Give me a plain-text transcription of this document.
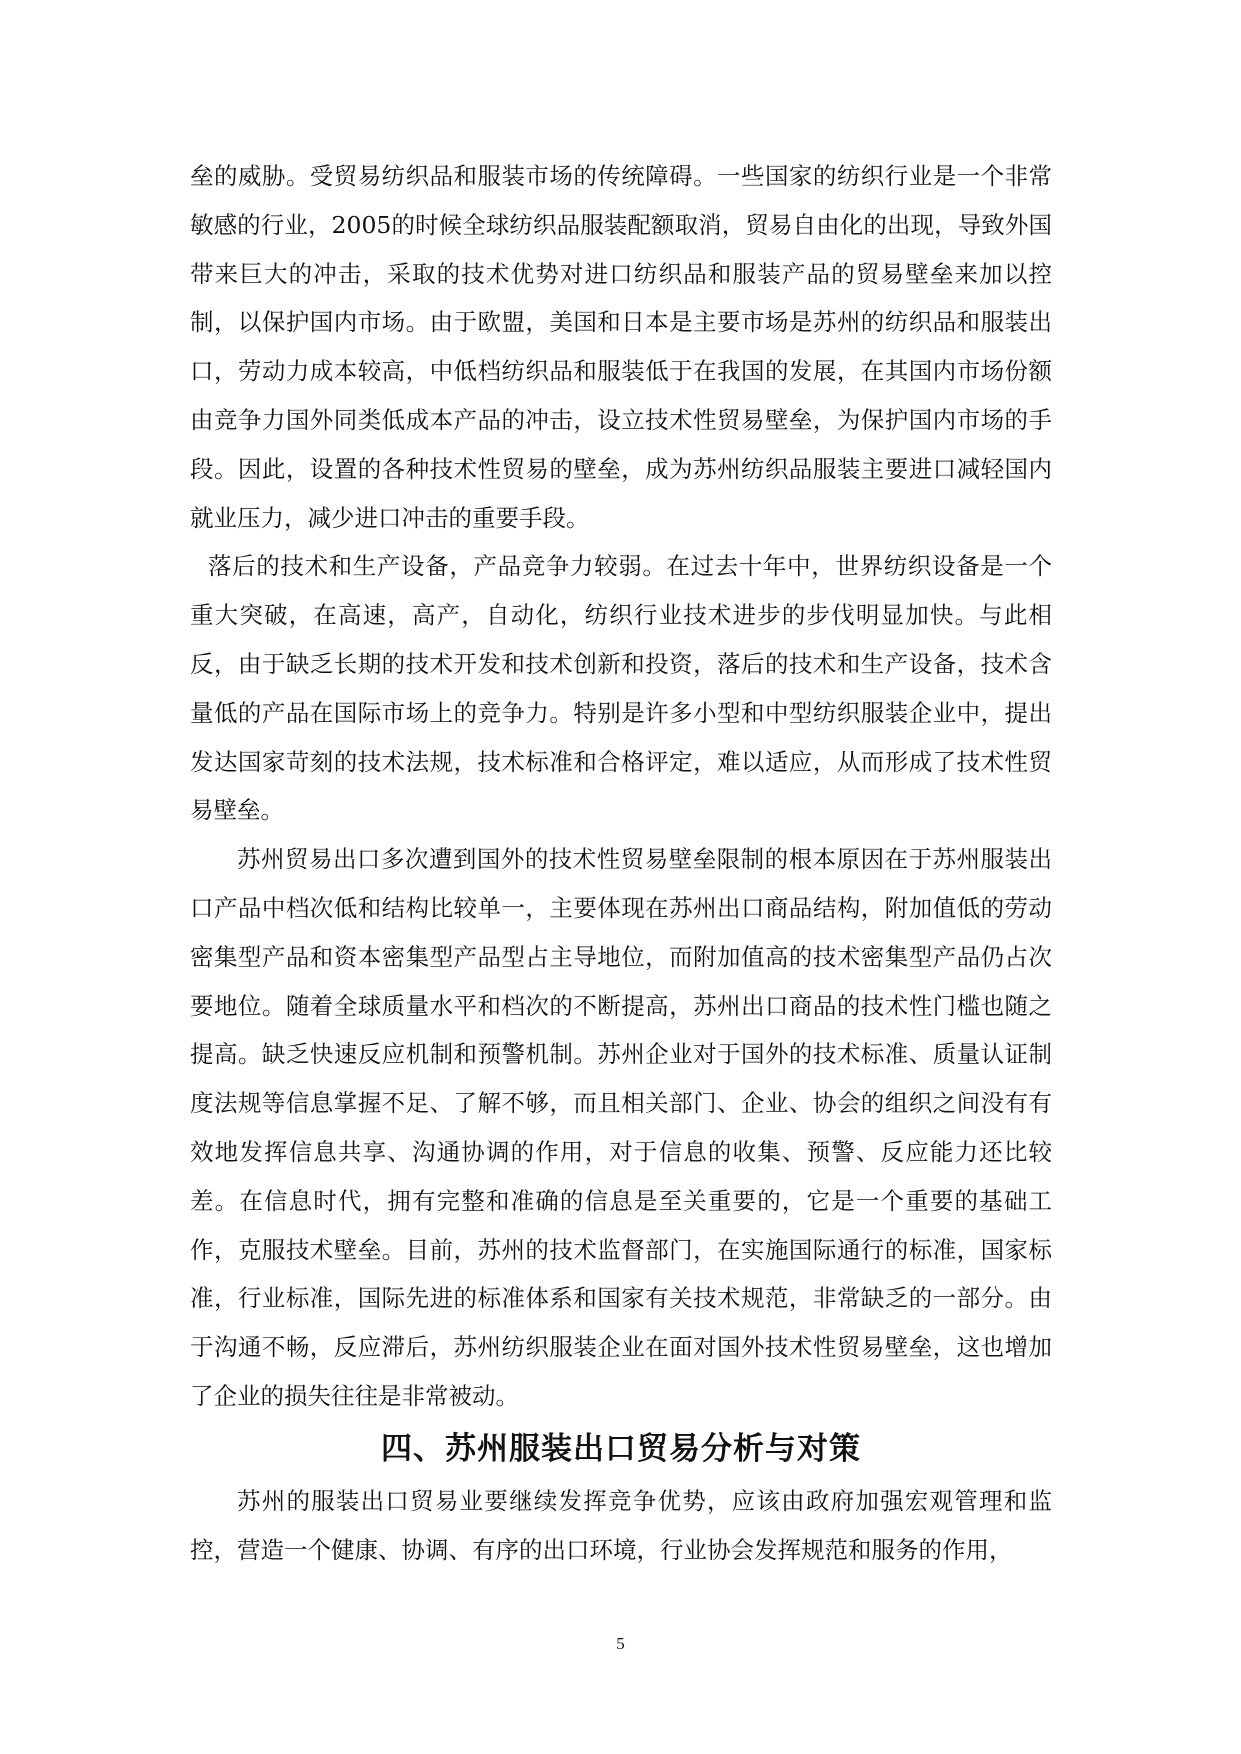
垒的威胁。受贸易纺织品和服装市场的传统障碍。一些国家的纺织行业是一个非常敏感的行业，2005的时候全球纺织品服装配额取消，贸易自由化的出现，导致外国带来巨大的冲击，采取的技术优势对进口纺织品和服装产品的贸易壁垒来加以控制，以保护国内市场。由于欧盟，美国和日本是主要市场是苏州的纺织品和服装出口，劳动力成本较高，中低档纺织品和服装低于在我国的发展，在其国内市场份额由竞争力国外同类低成本产品的冲击，设立技术性贸易壁垒，为保护国内市场的手段。因此，设置的各种技术性贸易的壁垒，成为苏州纺织品服装主要进口减轻国内就业压力，减少进口冲击的重要手段。

落后的技术和生产设备，产品竞争力较弱。在过去十年中，世界纺织设备是一个重大突破，在高速，高产，自动化，纺织行业技术进步的步伐明显加快。与此相反，由于缺乏长期的技术开发和技术创新和投资，落后的技术和生产设备，技术含量低的产品在国际市场上的竞争力。特别是许多小型和中型纺织服装企业中，提出发达国家苛刻的技术法规，技术标准和合格评定，难以适应，从而形成了技术性贸易壁垒。

苏州贸易出口多次遭到国外的技术性贸易壁垒限制的根本原因在于苏州服装出口产品中档次低和结构比较单一，主要体现在苏州出口商品结构，附加值低的劳动密集型产品和资本密集型产品型占主导地位，而附加值高的技术密集型产品仍占次要地位。随着全球质量水平和档次的不断提高，苏州出口商品的技术性门槛也随之提高。缺乏快速反应机制和预警机制。苏州企业对于国外的技术标准、质量认证制度法规等信息掌握不足、了解不够，而且相关部门、企业、协会的组织之间没有有效地发挥信息共享、沟通协调的作用，对于信息的收集、预警、反应能力还比较差。在信息时代，拥有完整和准确的信息是至关重要的，它是一个重要的基础工作，克服技术壁垒。目前，苏州的技术监督部门，在实施国际通行的标准，国家标准，行业标准，国际先进的标准体系和国家有关技术规范，非常缺乏的一部分。由于沟通不畅，反应滞后，苏州纺织服装企业在面对国外技术性贸易壁垒，这也增加了企业的损失往往是非常被动。

四、苏州服装出口贸易分析与对策

苏州的服装出口贸易业要继续发挥竞争优势，应该由政府加强宏观管理和监控，营造一个健康、协调、有序的出口环境，行业协会发挥规范和服务的作用，

5
